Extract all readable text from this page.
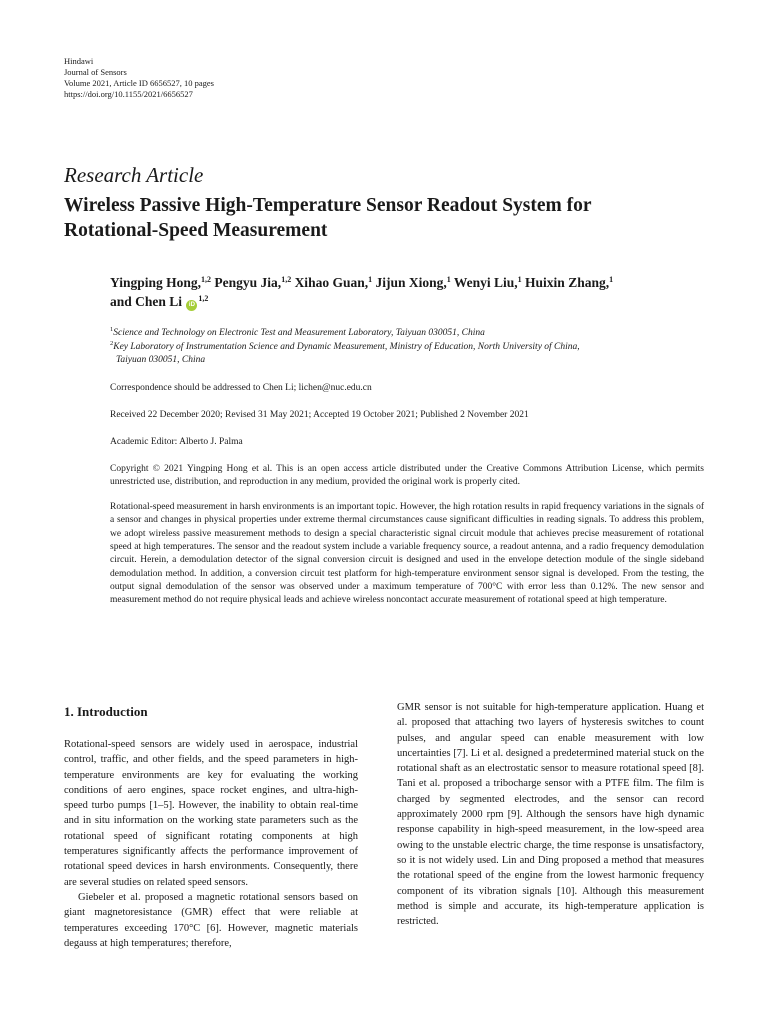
Hindawi
Journal of Sensors
Volume 2021, Article ID 6656527, 10 pages
https://doi.org/10.1155/2021/6656527
Research Article
Wireless Passive High-Temperature Sensor Readout System for
Rotational-Speed Measurement
Yingping Hong,$^{1,2}$ Pengyu Jia,$^{1,2}$ Xihao Guan,$^1$ Jijun Xiong,$^1$ Wenyi Liu,$^1$ Huixin Zhang,$^1$
and Chen Li iD$^{1,2}$
$^1$Science and Technology on Electronic Test and Measurement Laboratory, Taiyuan 030051, China
$^2$Key Laboratory of Instrumentation Science and Dynamic Measurement, Ministry of Education, North University of China,
Taiyuan 030051, China
Correspondence should be addressed to Chen Li; lichen@nuc.edu.cn
Received 22 December 2020; Revised 31 May 2021; Accepted 19 October 2021; Published 2 November 2021
Academic Editor: Alberto J. Palma
Copyright © 2021 Yingping Hong et al. This is an open access article distributed under the Creative Commons Attribution License, which permits unrestricted use, distribution, and reproduction in any medium, provided the original work is properly cited.
Rotational-speed measurement in harsh environments is an important topic. However, the high rotation results in rapid frequency variations in the signals of a sensor and changes in physical properties under extreme thermal circumstances cause significant difficulties in reading signals. To address this problem, we adopt wireless passive measurement methods to design a special characteristic signal circuit module that achieves precise measurement of rotational speed at high temperatures. The sensor and the readout system include a variable frequency source, a readout antenna, and a radio frequency demodulation circuit. Herein, a demodulation detector of the signal conversion circuit is designed and used in the envelope detection module of the single sideband demodulation method. In addition, a conversion circuit test platform for high-temperature environment sensor signal is developed. From the testing, the output signal demodulation of the sensor was observed under a maximum temperature of 700°C with error less than 0.12%. The new sensor and measurement method do not require physical leads and achieve wireless noncontact accurate measurement of rotational speed at high temperature.
1. Introduction

Rotational-speed sensors are widely used in aerospace, industrial control, traffic, and other fields, and the speed parameters in high-temperature environments are key for evaluating the working conditions of aero engines, space rocket engines, and ultra-high-speed turbo pumps [1–5]. However, the inability to obtain real-time and in situ information on the working state parameters such as the rotational speed of significant rotating components at high temperatures significantly affects the performance improvement of rotational speed devices in harsh environments. Consequently, there are several studies on related speed sensors.

Giebeler et al. proposed a magnetic rotational sensors based on giant magnetoresistance (GMR) effect that were reliable at temperatures exceeding 170°C [6]. However, magnetic materials degauss at high temperatures; therefore,

GMR sensor is not suitable for high-temperature application. Huang et al. proposed that attaching two layers of hysteresis switches to count pulses, and angular speed can enable measurement with low uncertainties [7]. Li et al. designed a predetermined material stuck on the rotational shaft as an electrostatic sensor to measure rotational speed [8]. Tani et al. proposed a tribocharge sensor with a PTFE film. The film is charged by segmented electrodes, and the sensor can record approximately 2000 rpm [9]. Although the sensors have high dynamic response capability in high-speed measurement, in the low-speed area owing to the unstable electric charge, the time response is unsatisfactory, so it is not widely used. Lin and Ding proposed a method that measures the rotational speed of the engine from the lowest harmonic frequency component of its vibration signals [10]. Although this measurement method is simple and accurate, its high-temperature application is restricted.
